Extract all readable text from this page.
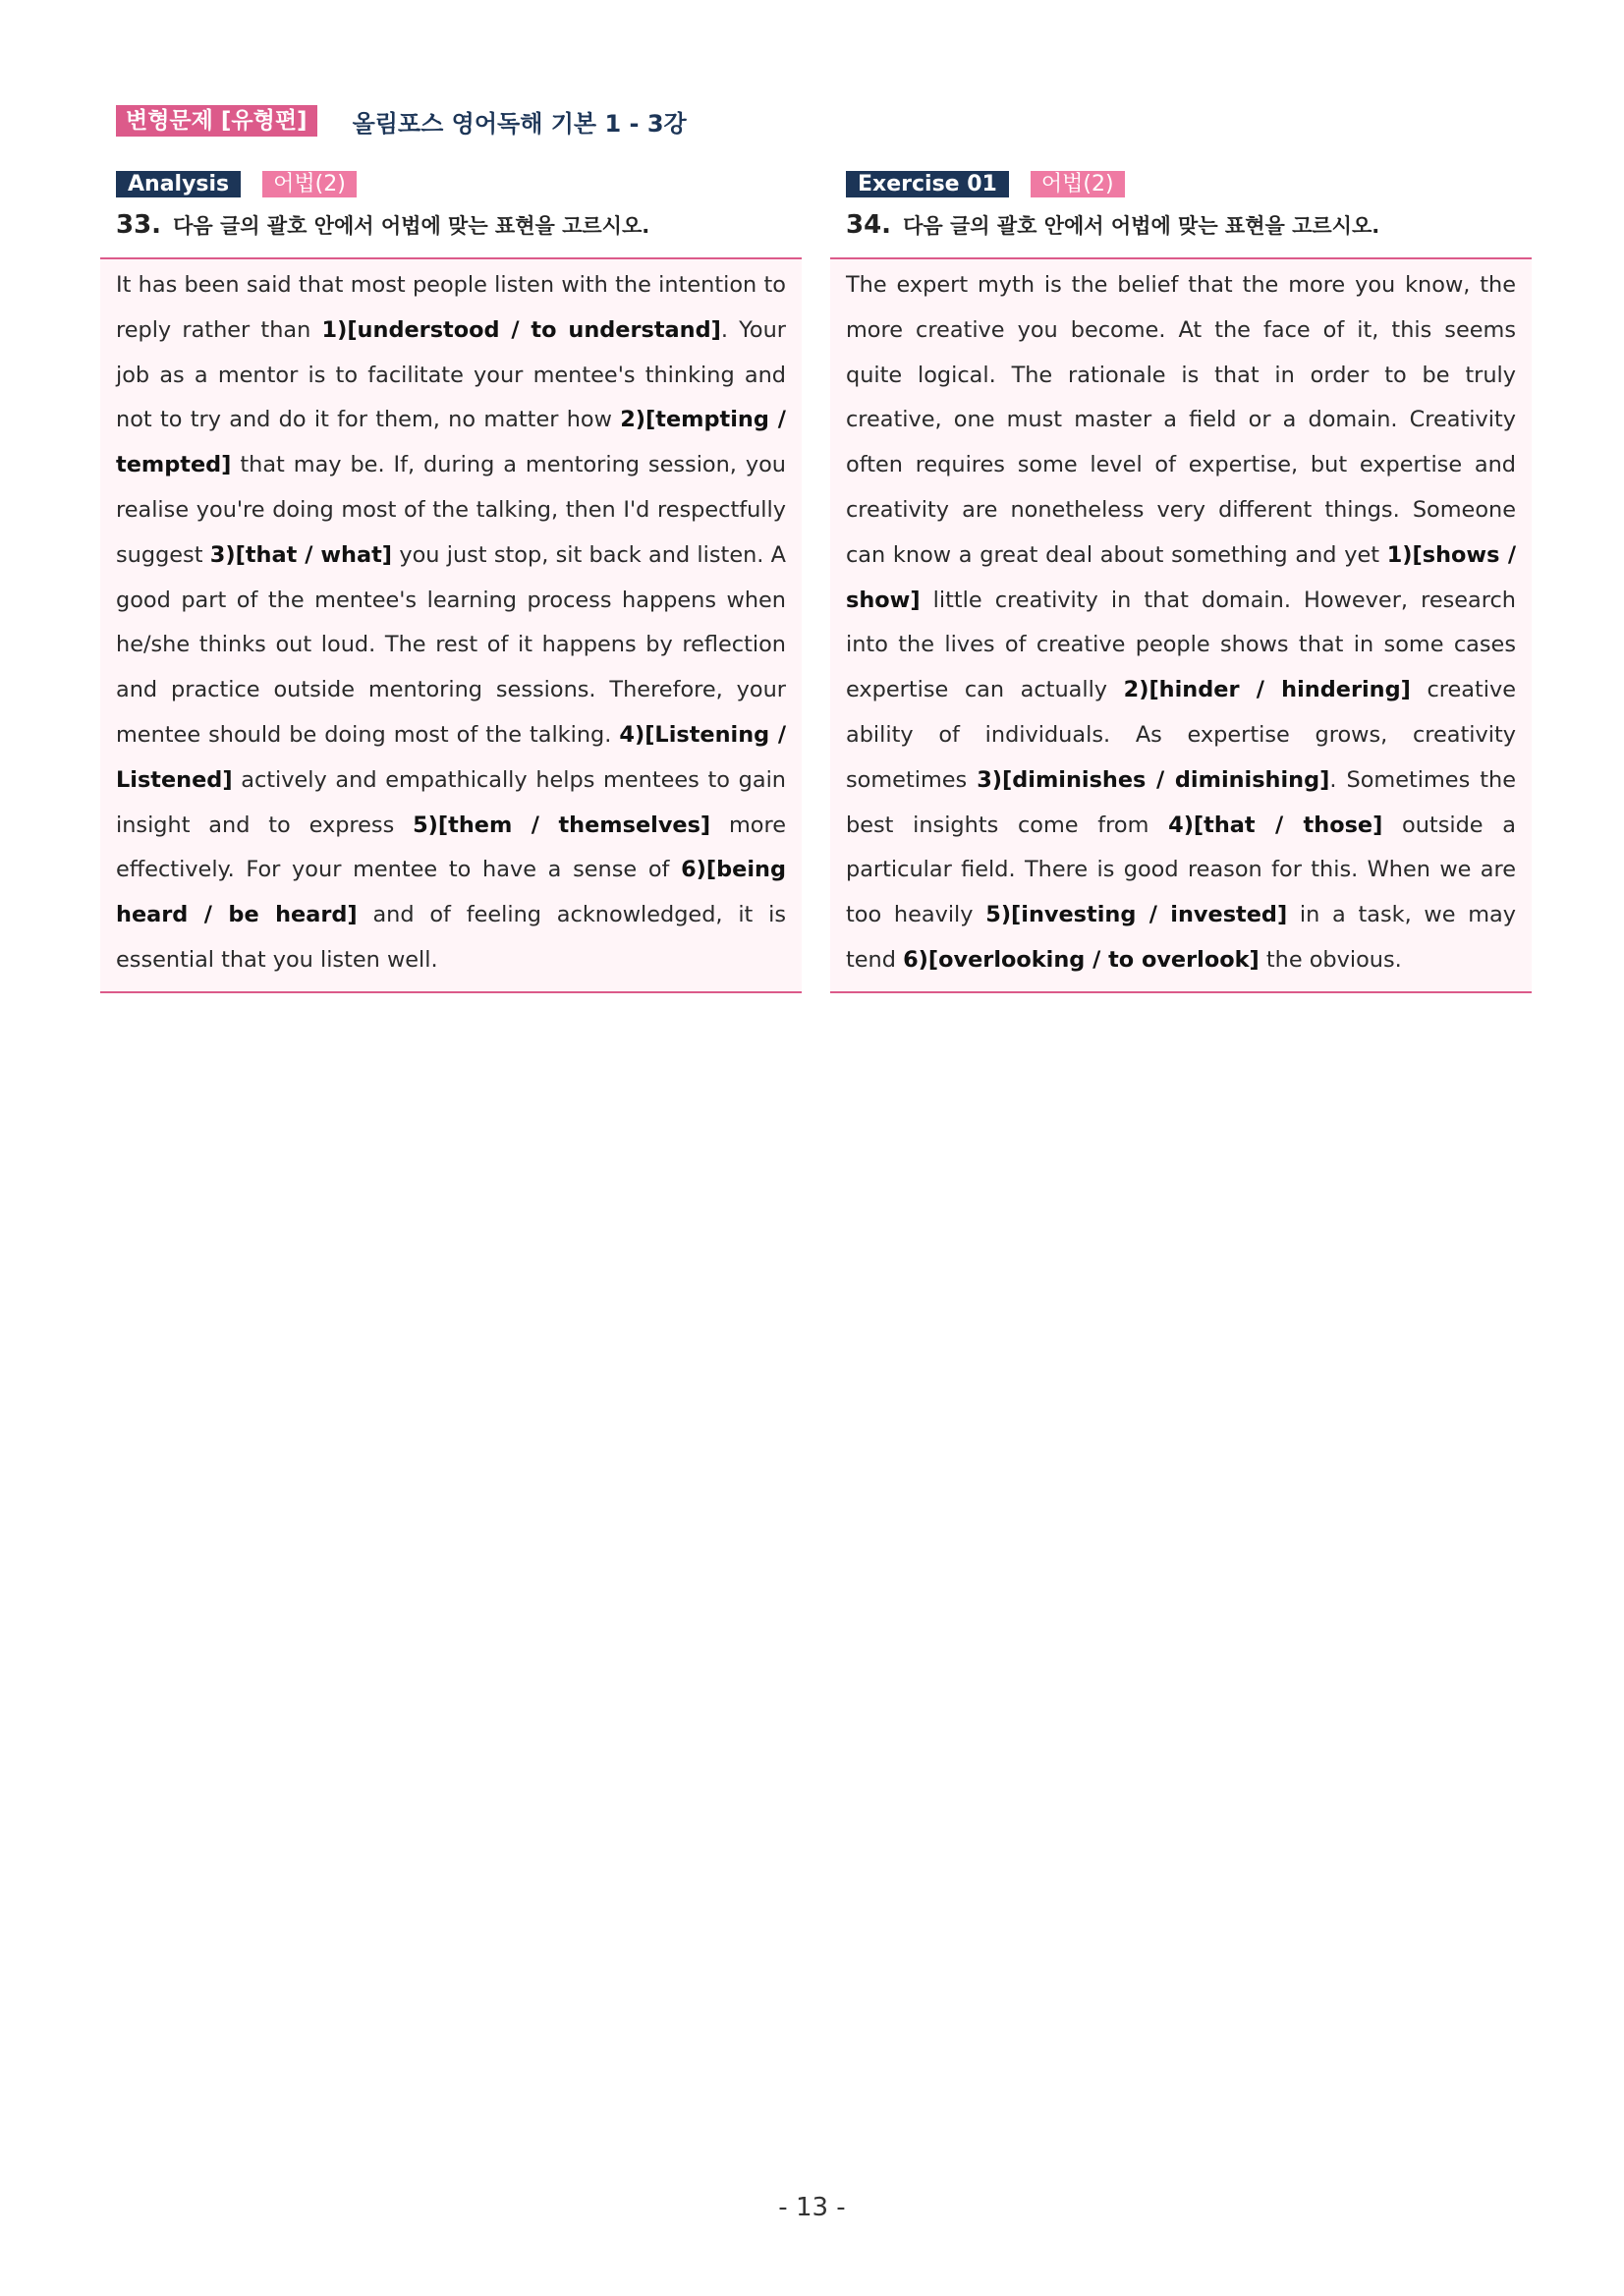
변형문제 [유형편]	올림포스 영어독해 기본 1 - 3강
Analysis	어법(2)
33. 다음 글의 괄호 안에서 어법에 맞는 표현을 고르시오.

It has been said that most people listen with the intention to reply rather than 1)[understood / to understand]. Your job as a mentor is to facilitate your mentee's thinking and not to try and do it for them, no matter how 2)[tempting / tempted] that may be. If, during a mentoring session, you realise you're doing most of the talking, then I'd respectfully suggest 3)[that / what] you just stop, sit back and listen. A good part of the mentee's learning process happens when he/she thinks out loud. The rest of it happens by reflection and practice outside mentoring sessions. Therefore, your mentee should be doing most of the talking. 4)[Listening / Listened] actively and empathically helps mentees to gain insight and to express 5)[them / themselves] more effectively. For your mentee to have a sense of 6)[being heard / be heard] and of feeling acknowledged, it is essential that you listen well.

Exercise 01	어법(2)
34. 다음 글의 괄호 안에서 어법에 맞는 표현을 고르시오.

The expert myth is the belief that the more you know, the more creative you become. At the face of it, this seems quite logical. The rationale is that in order to be truly creative, one must master a field or a domain. Creativity often requires some level of expertise, but expertise and creativity are nonetheless very different things. Someone can know a great deal about something and yet 1)[shows / show] little creativity in that domain. However, research into the lives of creative people shows that in some cases expertise can actually 2)[hinder / hindering] creative ability of individuals. As expertise grows, creativity sometimes 3)[diminishes / diminishing]. Sometimes the best insights come from 4)[that / those] outside a particular field. There is good reason for this. When we are too heavily 5)[investing / invested] in a task, we may tend 6)[overlooking / to overlook] the obvious.

- 13 -
